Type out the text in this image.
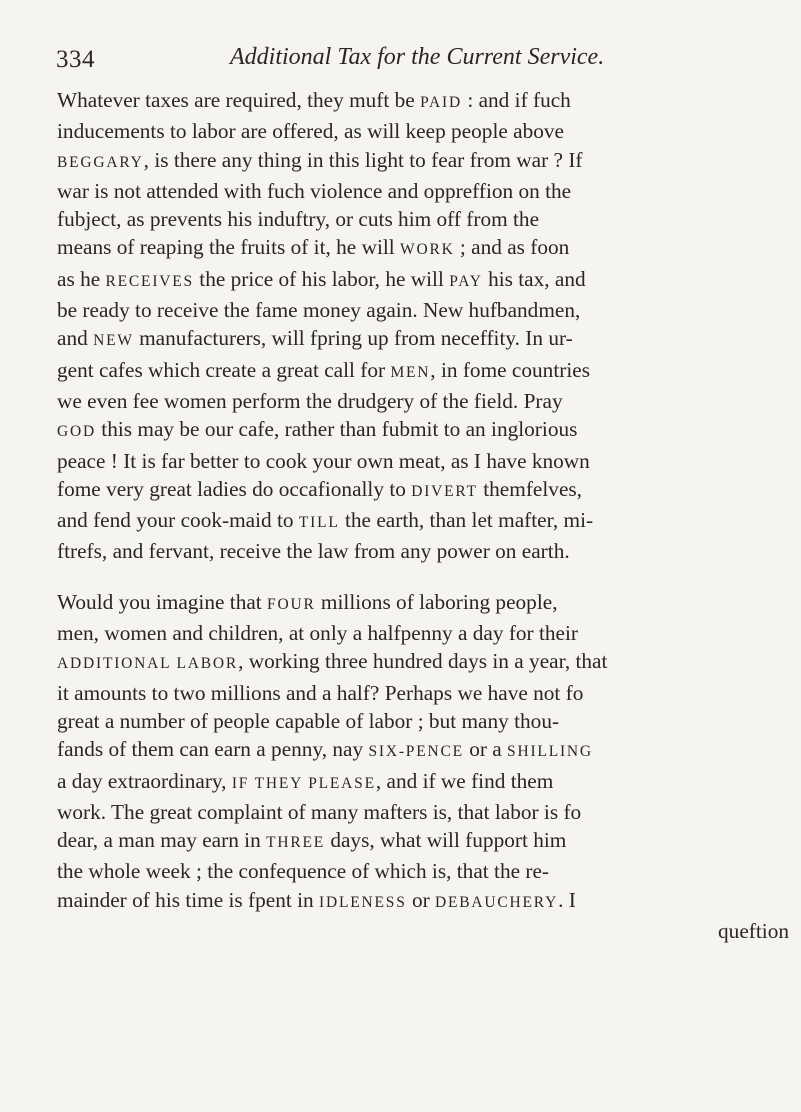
334	Additional Tax for the Current Service.
Whatever taxes are required, they muft be PAID : and if fuch
inducements to labor are offered, as will keep people above
BEGGARY, is there any thing in this light to fear from war ? If
war is not attended with fuch violence and oppreffion on the
fubject, as prevents his induftry, or cuts him off from the
means of reaping the fruits of it, he will WORK ; and as foon
as he RECEIVES the price of his labor, he will PAY his tax, and
be ready to receive the fame money again. New hufbandmen,
and NEW manufacturers, will fpring up from neceffity. In ur-
gent cafes which create a great call for MEN, in fome countries
we even fee women perform the drudgery of the field. Pray
GOD this may be our cafe, rather than fubmit to an inglorious
peace ! It is far better to cook your own meat, as I have known
fome very great ladies do occafionally to DIVERT themfelves,
and fend your cook-maid to TILL the earth, than let mafter, mi-
ftrefs, and fervant, receive the law from any power on earth.
Would you imagine that FOUR millions of laboring people,
men, women and children, at only a halfpenny a day for their
ADDITIONAL LABOR, working three hundred days in a year, that
it amounts to two millions and a half? Perhaps we have not fo
great a number of people capable of labor ; but many thou-
fands of them can earn a penny, nay SIX-PENCE or a SHILLING
a day extraordinary, IF THEY PLEASE, and if we find them
work. The great complaint of many mafters is, that labor is fo
dear, a man may earn in THREE days, what will fupport him
the whole week ; the confequence of which is, that the re-
mainder of his time is fpent in IDLENESS or DEBAUCHERY. I
queftion
